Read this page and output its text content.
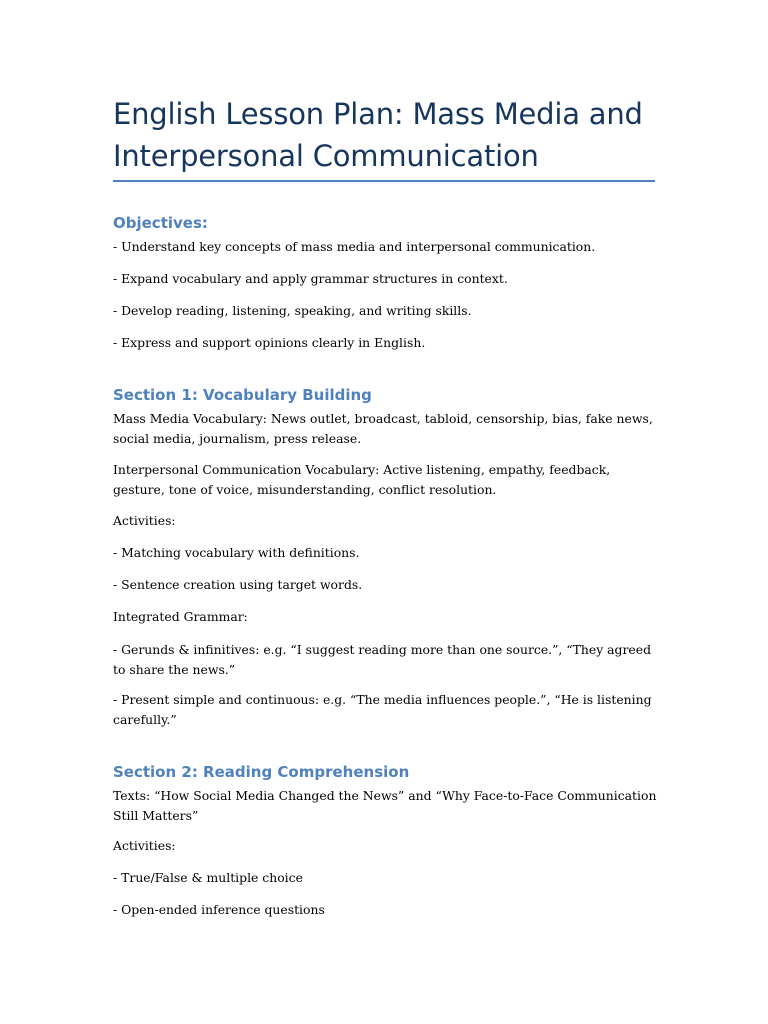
English Lesson Plan: Mass Media and Interpersonal Communication
Objectives:

- Understand key concepts of mass media and interpersonal communication.

- Expand vocabulary and apply grammar structures in context.

- Develop reading, listening, speaking, and writing skills.

- Express and support opinions clearly in English.

Section 1: Vocabulary Building

Mass Media Vocabulary: News outlet, broadcast, tabloid, censorship, bias, fake news, social media, journalism, press release.

Interpersonal Communication Vocabulary: Active listening, empathy, feedback, gesture, tone of voice, misunderstanding, conflict resolution.

Activities:

- Matching vocabulary with definitions.

- Sentence creation using target words.

Integrated Grammar:

- Gerunds & infinitives: e.g. “I suggest reading more than one source.”, “They agreed to share the news.”

- Present simple and continuous: e.g. “The media influences people.”, “He is listening carefully.”

Section 2: Reading Comprehension

Texts: “How Social Media Changed the News” and “Why Face-to-Face Communication Still Matters”

Activities:

- True/False & multiple choice

- Open-ended inference questions
